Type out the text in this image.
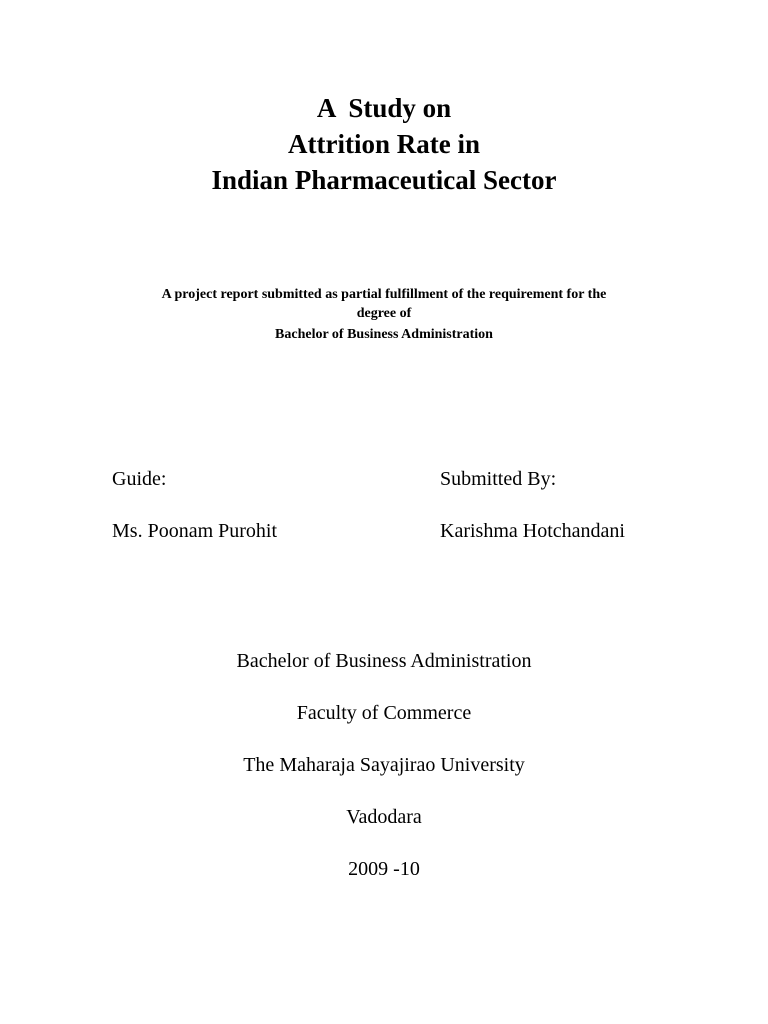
A  Study on
Attrition Rate in
Indian Pharmaceutical Sector
A project report submitted as partial fulfillment of the requirement for the
degree of
Bachelor of Business Administration
Guide:	Submitted By:
Ms. Poonam Purohit	Karishma Hotchandani
Bachelor of Business Administration
Faculty of Commerce
The Maharaja Sayajirao University
Vadodara
2009 -10
